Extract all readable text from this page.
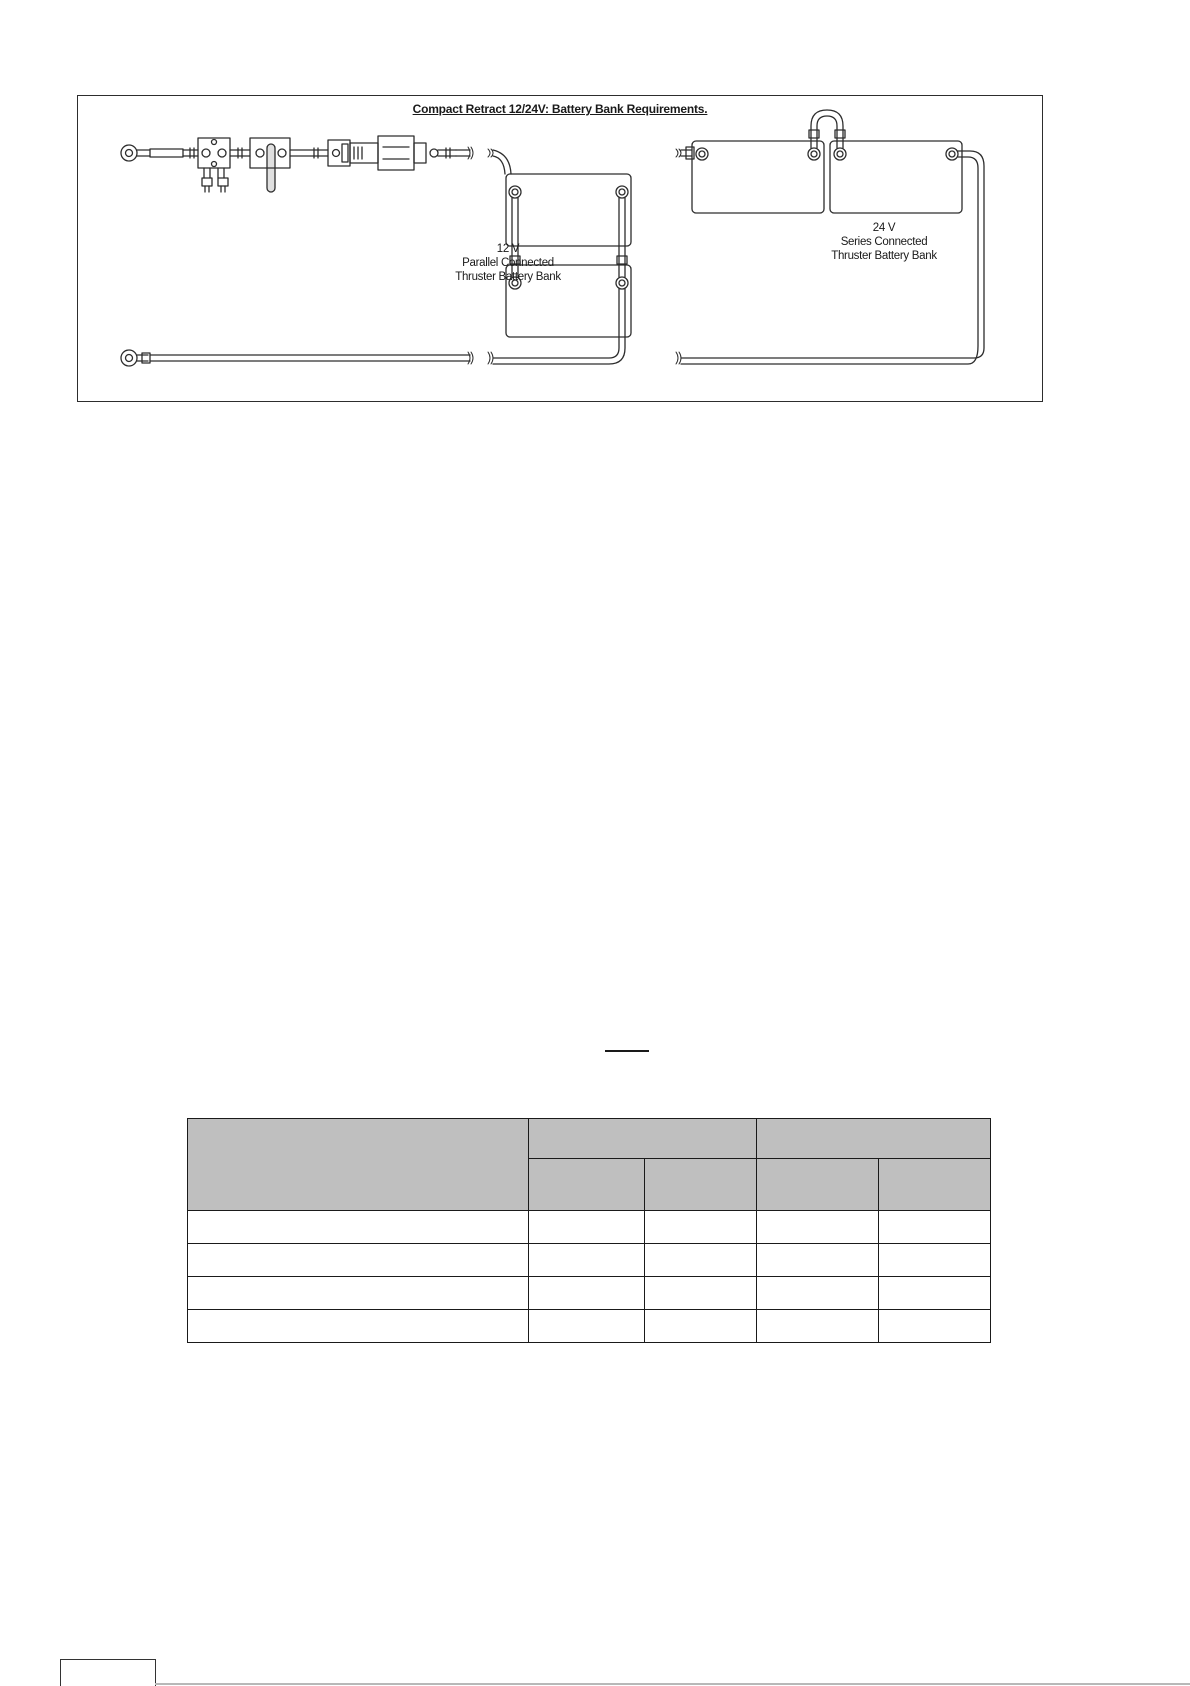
Compact Retract 12/24V: Battery Bank Requirements.
12 V
Parallel Connected
Thruster Battery Bank
24 V
Series Connected
Thruster Battery Bank
